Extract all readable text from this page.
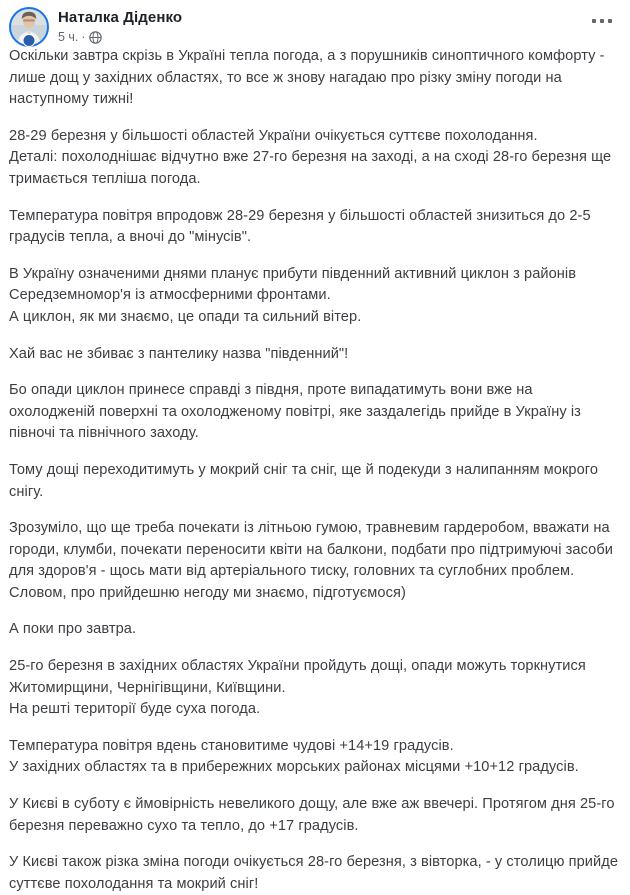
Наталка Діденко
5 ч. ·

Оскільки завтра скрізь в Україні тепла погода, а з порушників синоптичного комфорту - лише дощ у західних областях, то все ж знову нагадаю про різку зміну погоди на наступному тижні!

28-29 березня у більшості областей України очікується суттєве похолодання.
Деталі: похолоднішає відчутно вже 27-го березня на заході, а на сході 28-го березня ще тримається тепліша погода.

Температура повітря впродовж 28-29 березня у більшості областей знизиться до 2-5 градусів тепла, а вночі до "мінусів".

В Україну означеними днями планує прибути південний активний циклон з районів Середземномор'я із атмосферними фронтами.
А циклон, як ми знаємо, це опади та сильний вітер.

Хай вас не збиває з пантелику назва "південний"!

Бо опади циклон принесе справді з півдня, проте випадатимуть вони вже на охолодженій поверхні та охолодженому повітрі, яке заздалегідь прийде в Україну із півночі та північного заходу.

Тому дощі переходитимуть у мокрий сніг та сніг, ще й подекуди з налипанням мокрого снігу.

Зрозуміло, що ще треба почекати із літньою гумою, травневим гардеробом, вважати на городи, клумби, почекати переносити квіти на балкони, подбати про підтримуючі засоби для здоров'я - щось мати від артеріального тиску, головних та суглобних проблем.
Словом, про прийдешню негоду ми знаємо, підготуємося)

А поки про завтра.

25-го березня в західних областях України пройдуть дощі, опади можуть торкнутися Житомирщини, Чернігівщини, Київщини.
На решті території буде суха погода.

Температура повітря вдень становитиме чудові +14+19 градусів.
У західних областях та в прибережних морських районах місцями +10+12 градусів.

У Києві в суботу є ймовірність невеликого дощу, але вже аж ввечері. Протягом дня 25-го березня переважно сухо та тепло, до +17 градусів.

У Києві також різка зміна погоди очікується 28-го березня, з вівторка, - у столицю прийде суттєве похолодання та мокрий сніг!
